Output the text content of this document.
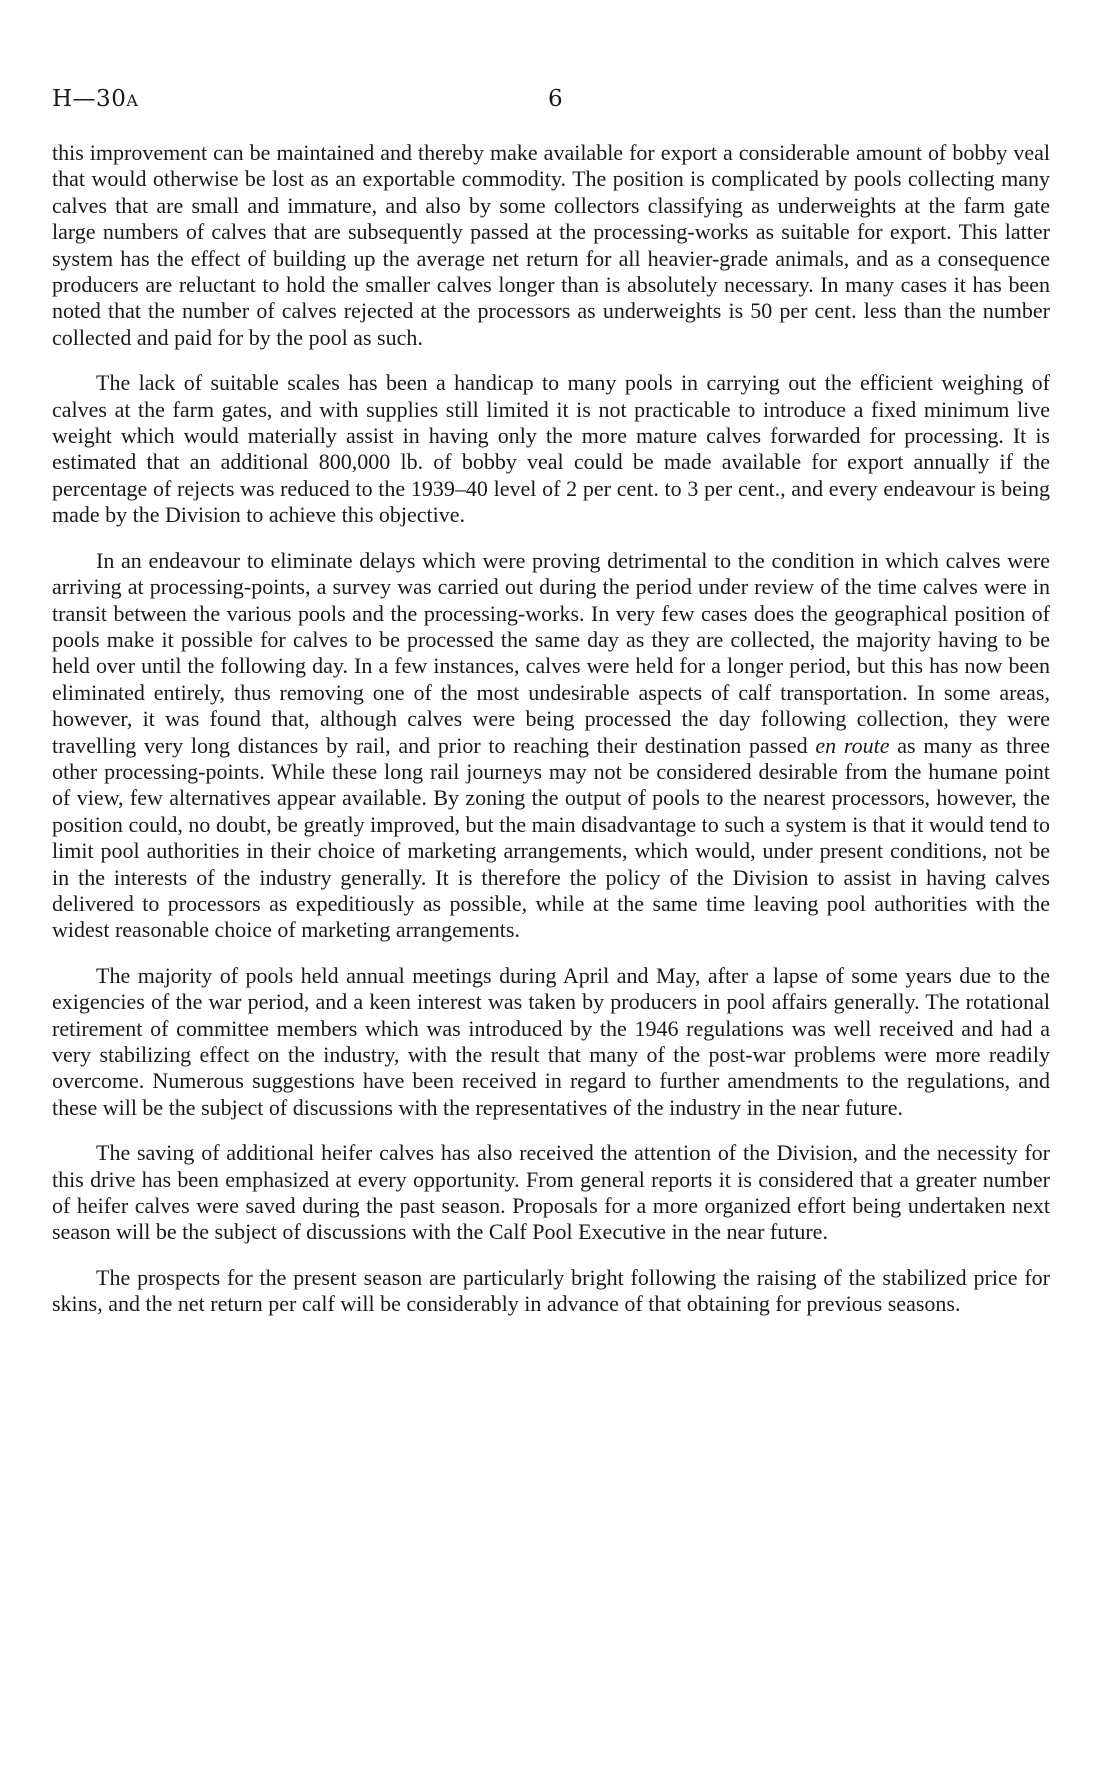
H—30A	6

this improvement can be maintained and thereby make available for export a considerable amount of bobby veal that would otherwise be lost as an exportable commodity. The position is complicated by pools collecting many calves that are small and immature, and also by some collectors classifying as underweights at the farm gate large numbers of calves that are subsequently passed at the processing-works as suitable for export. This latter system has the effect of building up the average net return for all heavier-grade animals, and as a consequence producers are reluctant to hold the smaller calves longer than is absolutely necessary. In many cases it has been noted that the number of calves rejected at the processors as underweights is 50 per cent. less than the number collected and paid for by the pool as such.

The lack of suitable scales has been a handicap to many pools in carrying out the efficient weighing of calves at the farm gates, and with supplies still limited it is not practicable to introduce a fixed minimum live weight which would materially assist in having only the more mature calves forwarded for processing. It is estimated that an additional 800,000 lb. of bobby veal could be made available for export annually if the percentage of rejects was reduced to the 1939–40 level of 2 per cent. to 3 per cent., and every endeavour is being made by the Division to achieve this objective.

In an endeavour to eliminate delays which were proving detrimental to the condition in which calves were arriving at processing-points, a survey was carried out during the period under review of the time calves were in transit between the various pools and the processing-works. In very few cases does the geographical position of pools make it possible for calves to be processed the same day as they are collected, the majority having to be held over until the following day. In a few instances, calves were held for a longer period, but this has now been eliminated entirely, thus removing one of the most undesirable aspects of calf transportation. In some areas, however, it was found that, although calves were being processed the day following collection, they were travelling very long distances by rail, and prior to reaching their destination passed en route as many as three other processing-points. While these long rail journeys may not be considered desirable from the humane point of view, few alternatives appear available. By zoning the output of pools to the nearest processors, however, the position could, no doubt, be greatly improved, but the main disadvantage to such a system is that it would tend to limit pool authorities in their choice of marketing arrangements, which would, under present conditions, not be in the interests of the industry generally. It is therefore the policy of the Division to assist in having calves delivered to processors as expeditiously as possible, while at the same time leaving pool authorities with the widest reasonable choice of marketing arrangements.

The majority of pools held annual meetings during April and May, after a lapse of some years due to the exigencies of the war period, and a keen interest was taken by producers in pool affairs generally. The rotational retirement of committee members which was introduced by the 1946 regulations was well received and had a very stabilizing effect on the industry, with the result that many of the post-war problems were more readily overcome. Numerous suggestions have been received in regard to further amendments to the regulations, and these will be the subject of discussions with the representatives of the industry in the near future.

The saving of additional heifer calves has also received the attention of the Division, and the necessity for this drive has been emphasized at every opportunity. From general reports it is considered that a greater number of heifer calves were saved during the past season. Proposals for a more organized effort being undertaken next season will be the subject of discussions with the Calf Pool Executive in the near future.

The prospects for the present season are particularly bright following the raising of the stabilized price for skins, and the net return per calf will be considerably in advance of that obtaining for previous seasons.
